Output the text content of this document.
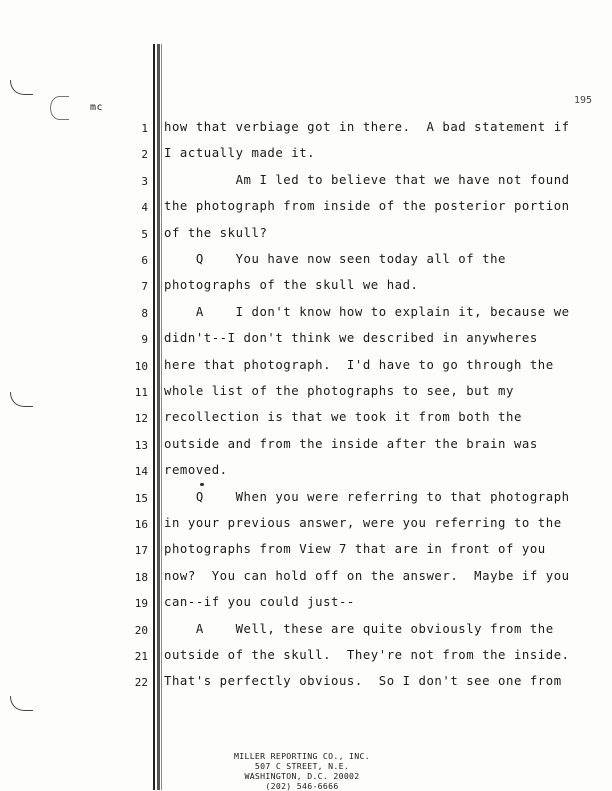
mc
195
1 how that verbiage got in there.  A bad statement if
2 I actually made it.
3 Am I led to believe that we have not found
4 the photograph from inside of the posterior portion
5 of the skull?
6 Q    You have now seen today all of the
7 photographs of the skull we had.
8 A    I don't know how to explain it, because we
9 didn't--I don't think we described in anywheres
10 here that photograph.  I'd have to go through the
11 whole list of the photographs to see, but my
12 recollection is that we took it from both the
13 outside and from the inside after the brain was
14 removed.
15 Q    When you were referring to that photograph
16 in your previous answer, were you referring to the
17 photographs from View 7 that are in front of you
18 now?  You can hold off on the answer.  Maybe if you
19 can--if you could just--
20 A    Well, these are quite obviously from the
21 outside of the skull.  They're not from the inside.
22 That's perfectly obvious.  So I don't see one from
MILLER REPORTING CO., INC.
507 C STREET, N.E.
WASHINGTON, D.C. 20002
(202) 546-6666
